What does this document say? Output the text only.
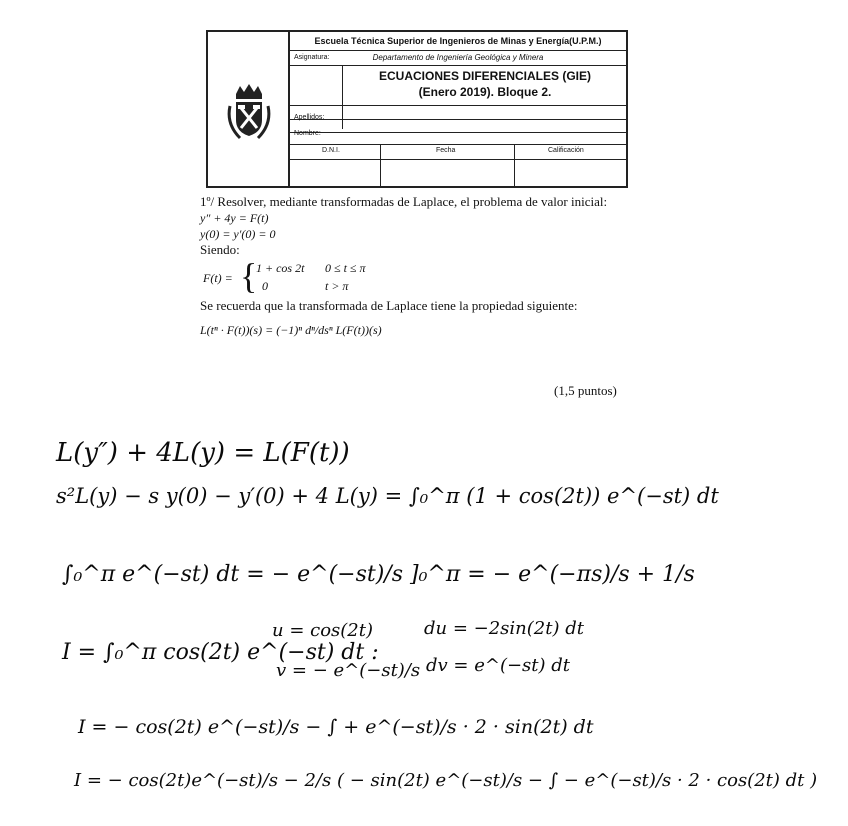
Escuela Técnica Superior de Ingenieros de Minas y Energía(U.P.M.)
Departamento de Ingeniería Geológica y Minera
Asignatura:
ECUACIONES DIFERENCIALES (GIE)
(Enero 2019). Bloque 2.
Apellidos:
Nombre:
D.N.I.	Fecha	Calificación

1º/ Resolver, mediante transformadas de Laplace, el problema de valor inicial:

y″ + 4y = F(t)

y(0) = y′(0) = 0

Siendo:

F(t) = {
1 + cos 2t 0 ≤ t ≤ π
0	t > π

Se recuerda que la transformada de Laplace tiene la propiedad siguiente:

L(tⁿ · F(t))(s) = (−1)ⁿ dⁿ/dsⁿ L(F(t))(s)

(1,5 puntos)
L(y″) + 4L(y) = L(F(t))
s²L(y) − s y(0) − y′(0) + 4 L(y) = ∫₀^π (1 + cos(2t)) e^(−st) dt
∫₀^π e^(−st) dt = − e^(−st)/s ]₀^π = − e^(−πs)/s + 1/s
I = ∫₀^π cos(2t) e^(−st) dt :
u = cos(2t)	du = −2sin(2t) dt
v = − e^(−st)/s dv = e^(−st) dt
I = − cos(2t) e^(−st)/s − ∫ + e^(−st)/s · 2 · sin(2t) dt
I = − cos(2t)e^(−st)/s − 2/s ( − sin(2t) e^(−st)/s − ∫ − e^(−st)/s · 2 · cos(2t) dt )
